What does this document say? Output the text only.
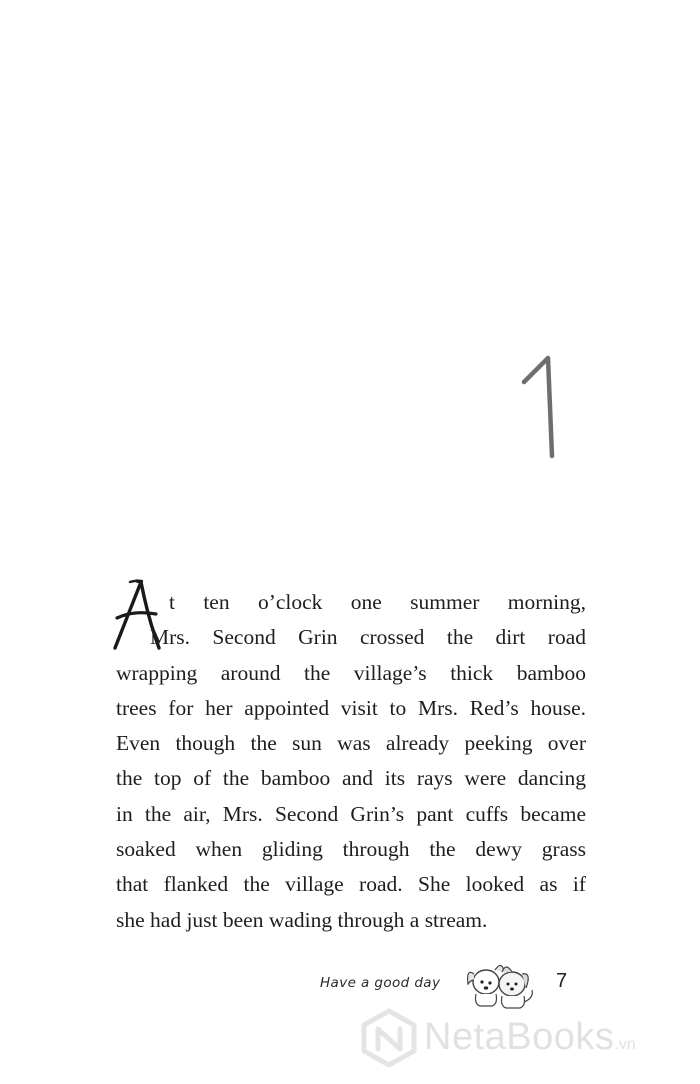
t ten o’clock one summer morning,
Mrs. Second Grin crossed the dirt road
wrapping around the village’s thick bamboo
trees for her appointed visit to Mrs. Red’s house.
Even though the sun was already peeking over
the top of the bamboo and its rays were dancing
in the air, Mrs. Second Grin’s pant cuffs became
soaked when gliding through the dewy grass
that flanked the village road. She looked as if
she had just been wading through a stream.
Have a good day	7
NetaBooks.vn
